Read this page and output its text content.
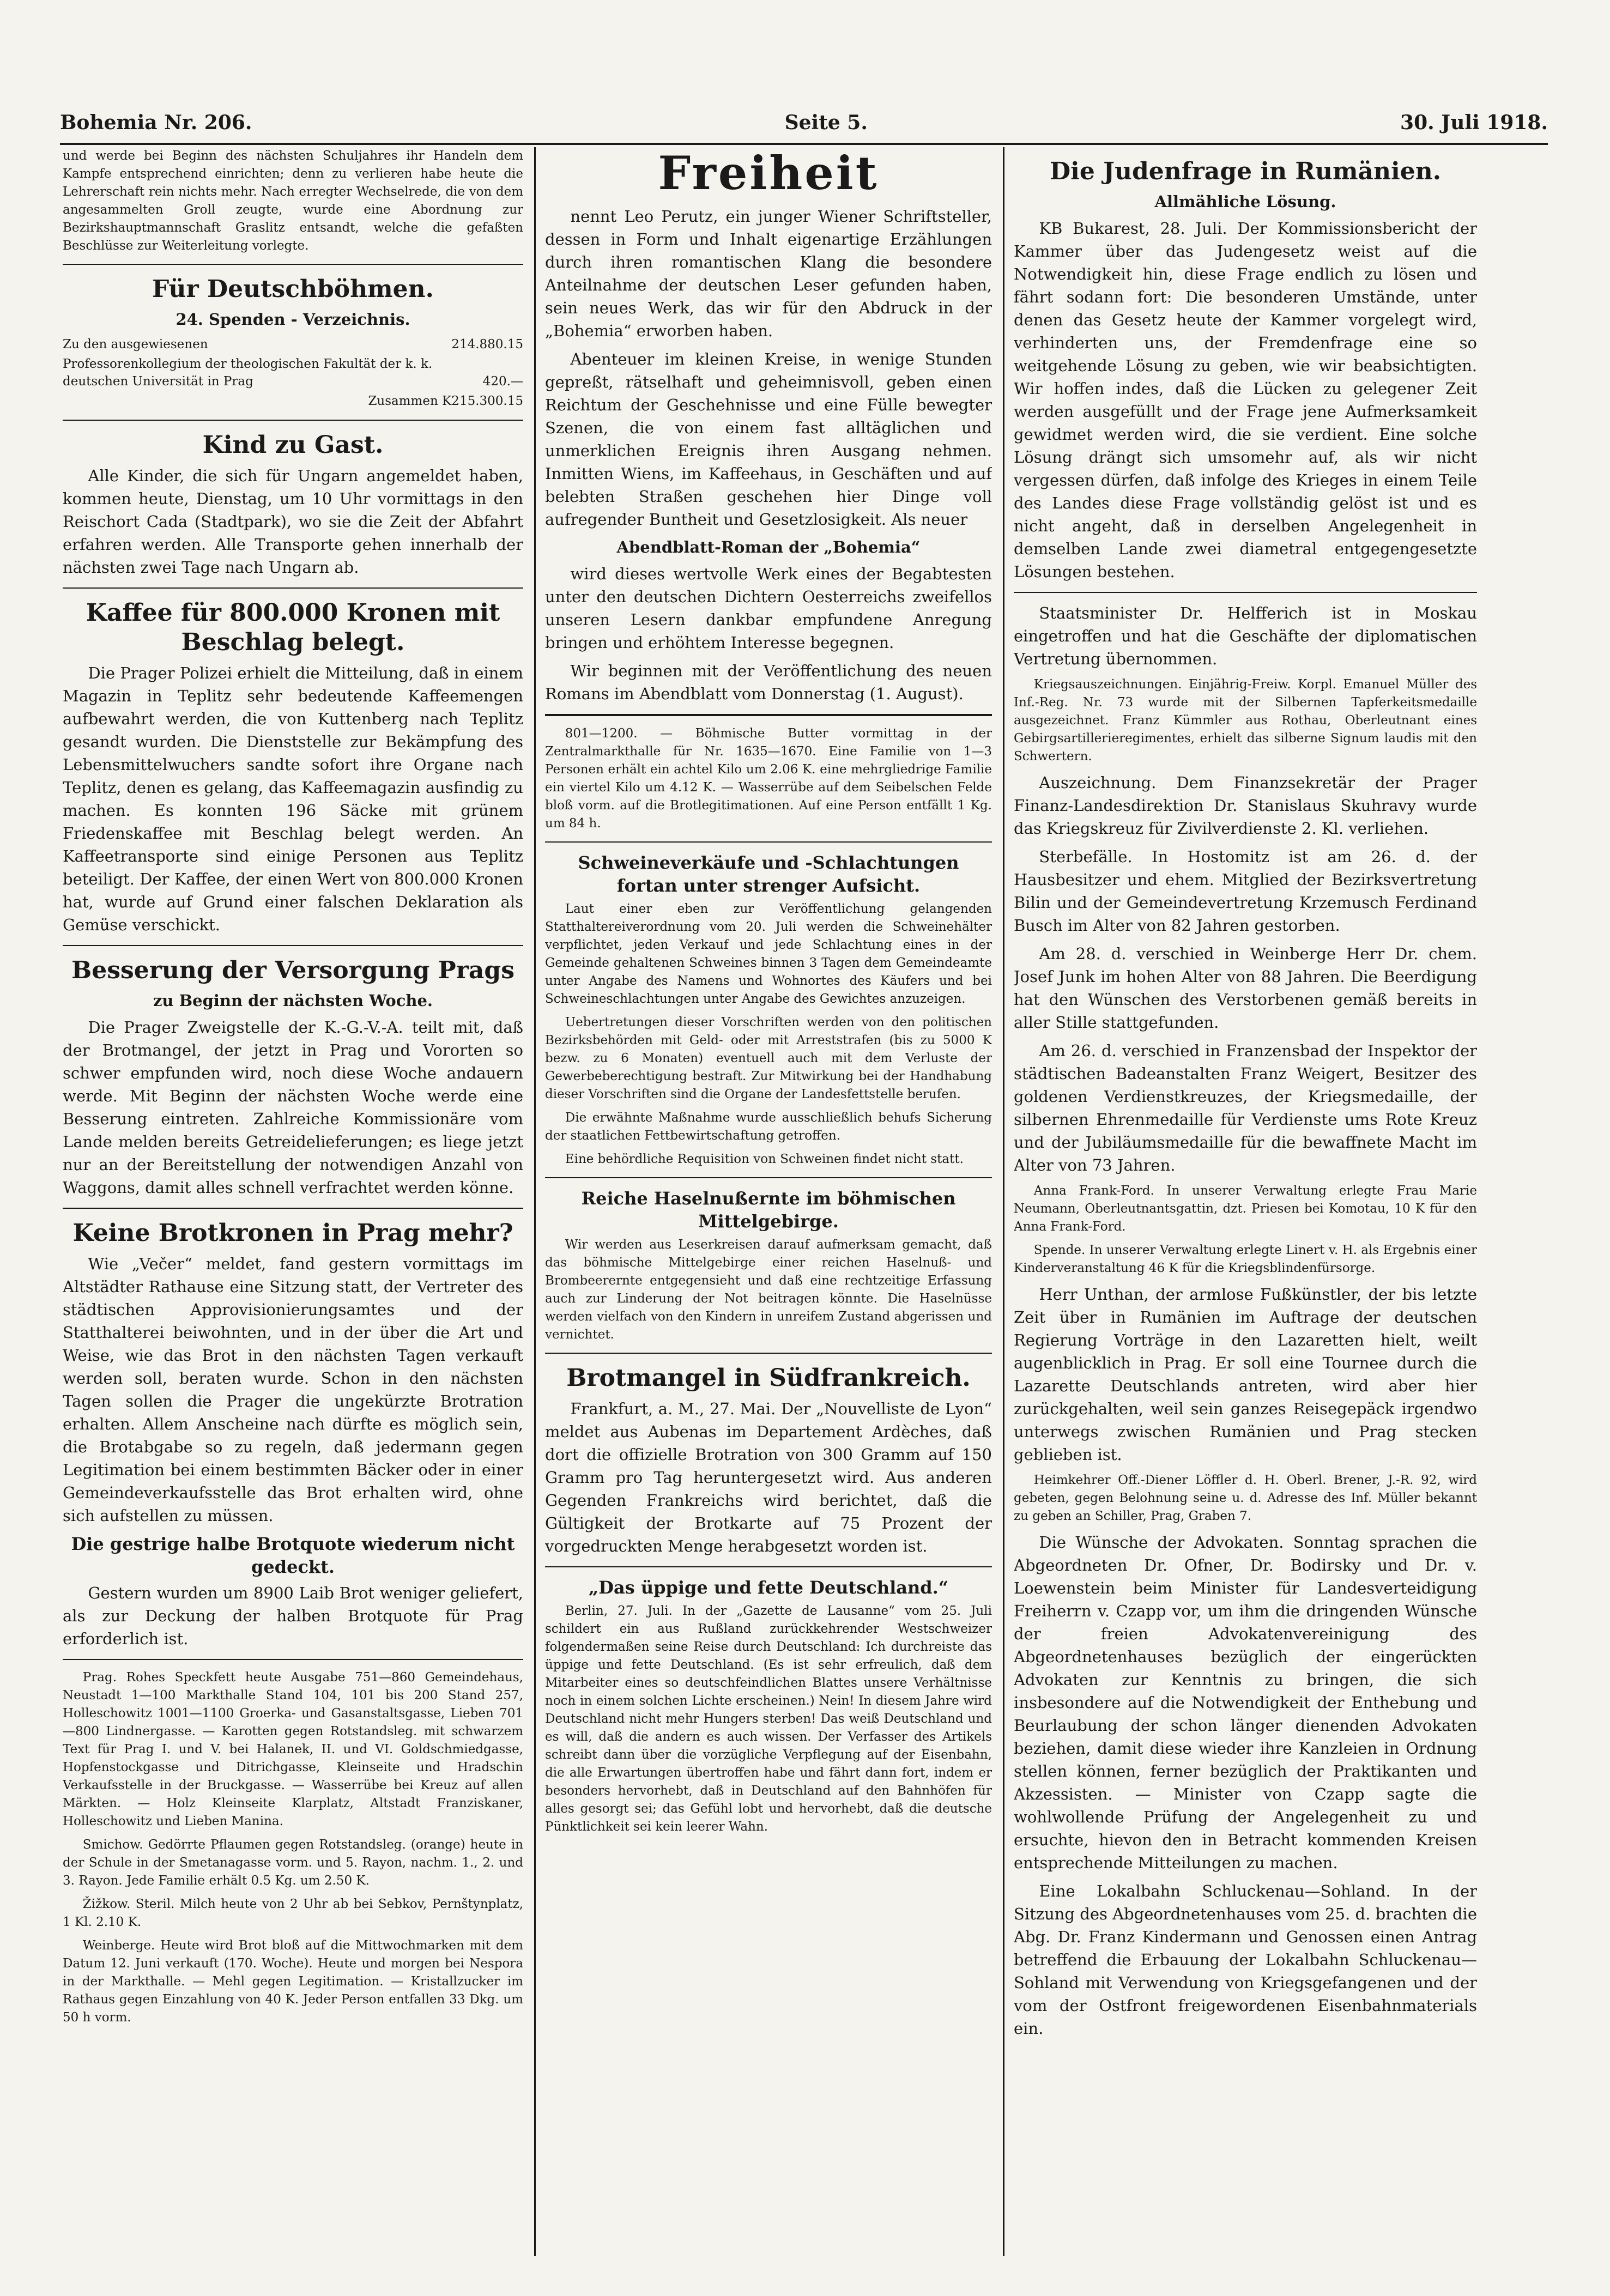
Bohemia Nr. 206.	Seite 5.	30. Juli 1918.

und werde bei Beginn des nächsten Schuljahres ihr Handeln dem Kampfe entsprechend einrichten; denn zu verlieren habe heute die Lehrerschaft rein nichts mehr. Nach erregter Wechselrede, die von dem angesammelten Groll zeugte, wurde eine Abordnung zur Bezirkshauptmannschaft Graslitz entsandt, welche die gefaßten Beschlüsse zur Weiterleitung vorlegte.

Für Deutschböhmen.
24. Spenden - Verzeichnis.
Zu den ausgewiesenen	214.880.15
Professorenkollegium der theologischen Fakultät der k. k. deutschen Universität in Prag	420.—
Zusammen K	215.300.15
Kind zu Gast.

Alle Kinder, die sich für Ungarn angemeldet haben, kommen heute, Dienstag, um 10 Uhr vormittags in den Reischort Cada (Stadtpark), wo sie die Zeit der Abfahrt erfahren werden. Alle Transporte gehen innerhalb der nächsten zwei Tage nach Ungarn ab.

Kaffee für 800.000 Kronen mit Beschlag belegt.

Die Prager Polizei erhielt die Mitteilung, daß in einem Magazin in Teplitz sehr bedeutende Kaffeemengen aufbewahrt werden, die von Kuttenberg nach Teplitz gesandt wurden. Die Dienststelle zur Bekämpfung des Lebensmittelwuchers sandte sofort ihre Organe nach Teplitz, denen es gelang, das Kaffeemagazin ausfindig zu machen. Es konnten 196 Säcke mit grünem Friedenskaffee mit Beschlag belegt werden. An Kaffeetransporte sind einige Personen aus Teplitz beteiligt. Der Kaffee, der einen Wert von 800.000 Kronen hat, wurde auf Grund einer falschen Deklaration als Gemüse verschickt.

Besserung der Versorgung Prags
zu Beginn der nächsten Woche.

Die Prager Zweigstelle der K.-G.-V.-A. teilt mit, daß der Brotmangel, der jetzt in Prag und Vororten so schwer empfunden wird, noch diese Woche andauern werde. Mit Beginn der nächsten Woche werde eine Besserung eintreten. Zahlreiche Kommissionäre vom Lande melden bereits Getreidelieferungen; es liege jetzt nur an der Bereitstellung der notwendigen Anzahl von Waggons, damit alles schnell verfrachtet werden könne.

Keine Brotkronen in Prag mehr?

Wie „Večer“ meldet, fand gestern vormittags im Altstädter Rathause eine Sitzung statt, der Vertreter des städtischen Approvisionierungsamtes und der Statthalterei beiwohnten, und in der über die Art und Weise, wie das Brot in den nächsten Tagen verkauft werden soll, beraten wurde. Schon in den nächsten Tagen sollen die Prager die ungekürzte Brotration erhalten. Allem Anscheine nach dürfte es möglich sein, die Brotabgabe so zu regeln, daß jedermann gegen Legitimation bei einem bestimmten Bäcker oder in einer Gemeindeverkaufsstelle das Brot erhalten wird, ohne sich aufstellen zu müssen.

Die gestrige halbe Brotquote wiederum nicht gedeckt.

Gestern wurden um 8900 Laib Brot weniger geliefert, als zur Deckung der halben Brotquote für Prag erforderlich ist.

Prag. Rohes Speckfett heute Ausgabe 751—860 Gemeindehaus, Neustadt 1—100 Markthalle Stand 104, 101 bis 200 Stand 257, Holleschowitz 1001—1100 Groerka- und Gasanstaltsgasse, Lieben 701—800 Lindnergasse. — Karotten gegen Rotstandsleg. mit schwarzem Text für Prag I. und V. bei Halanek, II. und VI. Goldschmiedgasse, Hopfenstockgasse und Ditrichgasse, Kleinseite und Hradschin Verkaufsstelle in der Bruckgasse. — Wasserrübe bei Kreuz auf allen Märkten. — Holz Kleinseite Klarplatz, Altstadt Franziskaner, Holleschowitz und Lieben Manina.

Smichow. Gedörrte Pflaumen gegen Rotstandsleg. (orange) heute in der Schule in der Smetanagasse vorm. und 5. Rayon, nachm. 1., 2. und 3. Rayon. Jede Familie erhält 0.5 Kg. um 2.50 K.

Žižkow. Steril. Milch heute von 2 Uhr ab bei Sebkov, Pernštynplatz, 1 Kl. 2.10 K.

Weinberge. Heute wird Brot bloß auf die Mittwochmarken mit dem Datum 12. Juni verkauft (170. Woche). Heute und morgen bei Nespora in der Markthalle. — Mehl gegen Legitimation. — Kristallzucker im Rathaus gegen Einzahlung von 40 K. Jeder Person entfallen 33 Dkg. um 50 h vorm.

Freiheit

nennt Leo Perutz, ein junger Wiener Schriftsteller, dessen in Form und Inhalt eigenartige Erzählungen durch ihren romantischen Klang die besondere Anteilnahme der deutschen Leser gefunden haben, sein neues Werk, das wir für den Abdruck in der „Bohemia“ erworben haben.

Abenteuer im kleinen Kreise, in wenige Stunden gepreßt, rätselhaft und geheimnisvoll, geben einen Reichtum der Geschehnisse und eine Fülle bewegter Szenen, die von einem fast alltäglichen und unmerklichen Ereignis ihren Ausgang nehmen. Inmitten Wiens, im Kaffeehaus, in Geschäften und auf belebten Straßen geschehen hier Dinge voll aufregender Buntheit und Gesetzlosigkeit. Als neuer

Abendblatt-Roman der „Bohemia“

wird dieses wertvolle Werk eines der Begabtesten unter den deutschen Dichtern Oesterreichs zweifellos unseren Lesern dankbar empfundene Anregung bringen und erhöhtem Interesse begegnen.

Wir beginnen mit der Veröffentlichung des neuen Romans im Abendblatt vom Donnerstag (1. August).

801—1200. — Böhmische Butter vormittag in der Zentralmarkthalle für Nr. 1635—1670. Eine Familie von 1—3 Personen erhält ein achtel Kilo um 2.06 K. eine mehrgliedrige Familie ein viertel Kilo um 4.12 K. — Wasserrübe auf dem Seibelschen Felde bloß vorm. auf die Brotlegitimationen. Auf eine Person entfällt 1 Kg. um 84 h.

Schweineverkäufe und -Schlachtungen fortan unter strenger Aufsicht.

Laut einer eben zur Veröffentlichung gelangenden Statthaltereiverordnung vom 20. Juli werden die Schweinehälter verpflichtet, jeden Verkauf und jede Schlachtung eines in der Gemeinde gehaltenen Schweines binnen 3 Tagen dem Gemeindeamte unter Angabe des Namens und Wohnortes des Käufers und bei Schweineschlachtungen unter Angabe des Gewichtes anzuzeigen.

Uebertretungen dieser Vorschriften werden von den politischen Bezirksbehörden mit Geld- oder mit Arreststrafen (bis zu 5000 K bezw. zu 6 Monaten) eventuell auch mit dem Verluste der Gewerbeberechtigung bestraft. Zur Mitwirkung bei der Handhabung dieser Vorschriften sind die Organe der Landesfettstelle berufen.

Die erwähnte Maßnahme wurde ausschließlich behufs Sicherung der staatlichen Fettbewirtschaftung getroffen.

Eine behördliche Requisition von Schweinen findet nicht statt.

Reiche Haselnußernte im böhmischen Mittelgebirge.

Wir werden aus Leserkreisen darauf aufmerksam gemacht, daß das böhmische Mittelgebirge einer reichen Haselnuß- und Brombeerernte entgegensieht und daß eine rechtzeitige Erfassung auch zur Linderung der Not beitragen könnte. Die Haselnüsse werden vielfach von den Kindern in unreifem Zustand abgerissen und vernichtet.

Brotmangel in Südfrankreich.

Frankfurt, a. M., 27. Mai. Der „Nouvelliste de Lyon“ meldet aus Aubenas im Departement Ardèches, daß dort die offizielle Brotration von 300 Gramm auf 150 Gramm pro Tag heruntergesetzt wird. Aus anderen Gegenden Frankreichs wird berichtet, daß die Gültigkeit der Brotkarte auf 75 Prozent der vorgedruckten Menge herabgesetzt worden ist.

„Das üppige und fette Deutschland.“

Berlin, 27. Juli. In der „Gazette de Lausanne“ vom 25. Juli schildert ein aus Rußland zurückkehrender Westschweizer folgendermaßen seine Reise durch Deutschland: Ich durchreiste das üppige und fette Deutschland. (Es ist sehr erfreulich, daß dem Mitarbeiter eines so deutschfeindlichen Blattes unsere Verhältnisse noch in einem solchen Lichte erscheinen.) Nein! In diesem Jahre wird Deutschland nicht mehr Hungers sterben! Das weiß Deutschland und es will, daß die andern es auch wissen. Der Verfasser des Artikels schreibt dann über die vorzügliche Verpflegung auf der Eisenbahn, die alle Erwartungen übertroffen habe und fährt dann fort, indem er besonders hervorhebt, daß in Deutschland auf den Bahnhöfen für alles gesorgt sei; das Gefühl lobt und hervorhebt, daß die deutsche Pünktlichkeit sei kein leerer Wahn.

Die Judenfrage in Rumänien.
Allmähliche Lösung.

KB Bukarest, 28. Juli. Der Kommissionsbericht der Kammer über das Judengesetz weist auf die Notwendigkeit hin, diese Frage endlich zu lösen und fährt sodann fort: Die besonderen Umstände, unter denen das Gesetz heute der Kammer vorgelegt wird, verhinderten uns, der Fremdenfrage eine so weitgehende Lösung zu geben, wie wir beabsichtigten. Wir hoffen indes, daß die Lücken zu gelegener Zeit werden ausgefüllt und der Frage jene Aufmerksamkeit gewidmet werden wird, die sie verdient. Eine solche Lösung drängt sich umsomehr auf, als wir nicht vergessen dürfen, daß infolge des Krieges in einem Teile des Landes diese Frage vollständig gelöst ist und es nicht angeht, daß in derselben Angelegenheit in demselben Lande zwei diametral entgegengesetzte Lösungen bestehen.

Staatsminister Dr. Helfferich ist in Moskau eingetroffen und hat die Geschäfte der diplomatischen Vertretung übernommen.

Kriegsauszeichnungen. Einjährig-Freiw. Korpl. Emanuel Müller des Inf.-Reg. Nr. 73 wurde mit der Silbernen Tapferkeitsmedaille ausgezeichnet. Franz Kümmler aus Rothau, Oberleutnant eines Gebirgsartillerieregimentes, erhielt das silberne Signum laudis mit den Schwertern.

Auszeichnung. Dem Finanzsekretär der Prager Finanz-Landesdirektion Dr. Stanislaus Skuhravy wurde das Kriegskreuz für Zivilverdienste 2. Kl. verliehen.

Sterbefälle. In Hostomitz ist am 26. d. der Hausbesitzer und ehem. Mitglied der Bezirksvertretung Bilin und der Gemeindevertretung Krzemusch Ferdinand Busch im Alter von 82 Jahren gestorben.

Am 28. d. verschied in Weinberge Herr Dr. chem. Josef Junk im hohen Alter von 88 Jahren. Die Beerdigung hat den Wünschen des Verstorbenen gemäß bereits in aller Stille stattgefunden.

Am 26. d. verschied in Franzensbad der Inspektor der städtischen Badeanstalten Franz Weigert, Besitzer des goldenen Verdienstkreuzes, der Kriegsmedaille, der silbernen Ehrenmedaille für Verdienste ums Rote Kreuz und der Jubiläumsmedaille für die bewaffnete Macht im Alter von 73 Jahren.

Anna Frank-Ford. In unserer Verwaltung erlegte Frau Marie Neumann, Oberleutnantsgattin, dzt. Priesen bei Komotau, 10 K für den Anna Frank-Ford.

Spende. In unserer Verwaltung erlegte Linert v. H. als Ergebnis einer Kinderveranstaltung 46 K für die Kriegsblindenfürsorge.

Herr Unthan, der armlose Fußkünstler, der bis letzte Zeit über in Rumänien im Auftrage der deutschen Regierung Vorträge in den Lazaretten hielt, weilt augenblicklich in Prag. Er soll eine Tournee durch die Lazarette Deutschlands antreten, wird aber hier zurückgehalten, weil sein ganzes Reisegepäck irgendwo unterwegs zwischen Rumänien und Prag stecken geblieben ist.

Heimkehrer Off.-Diener Löffler d. H. Oberl. Brener, J.-R. 92, wird gebeten, gegen Belohnung seine u. d. Adresse des Inf. Müller bekannt zu geben an Schiller, Prag, Graben 7.

Die Wünsche der Advokaten. Sonntag sprachen die Abgeordneten Dr. Ofner, Dr. Bodirsky und Dr. v. Loewenstein beim Minister für Landesverteidigung Freiherrn v. Czapp vor, um ihm die dringenden Wünsche der freien Advokatenvereinigung des Abgeordnetenhauses bezüglich der eingerückten Advokaten zur Kenntnis zu bringen, die sich insbesondere auf die Notwendigkeit der Enthebung und Beurlaubung der schon länger dienenden Advokaten beziehen, damit diese wieder ihre Kanzleien in Ordnung stellen können, ferner bezüglich der Praktikanten und Akzessisten. — Minister von Czapp sagte die wohlwollende Prüfung der Angelegenheit zu und ersuchte, hievon den in Betracht kommenden Kreisen entsprechende Mitteilungen zu machen.

Eine Lokalbahn Schluckenau—Sohland. In der Sitzung des Abgeordnetenhauses vom 25. d. brachten die Abg. Dr. Franz Kindermann und Genossen einen Antrag betreffend die Erbauung der Lokalbahn Schluckenau—Sohland mit Verwendung von Kriegsgefangenen und der vom der Ostfront freigewordenen Eisenbahnmaterials ein.
